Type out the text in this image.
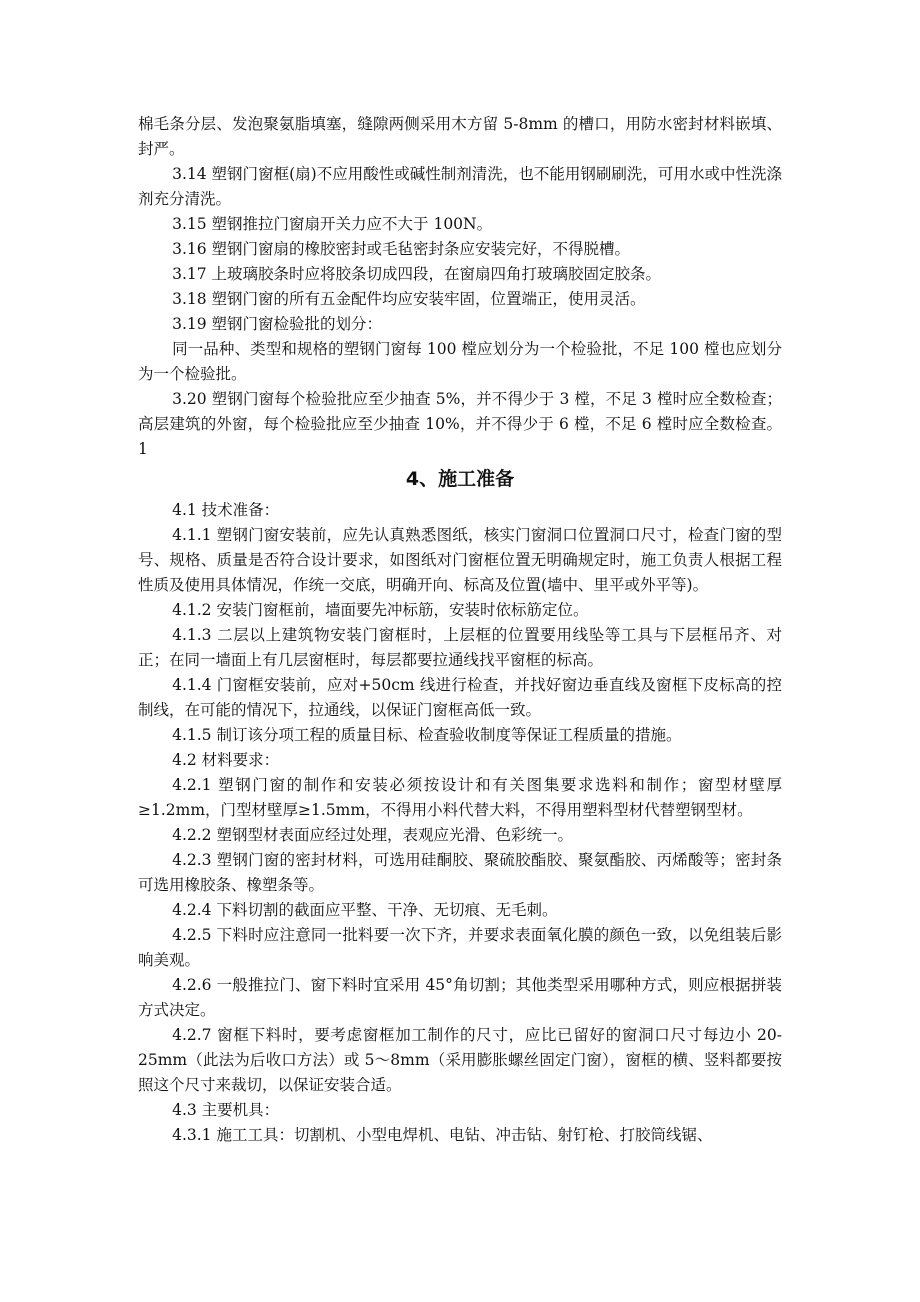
棉毛条分层、发泡聚氨脂填塞，缝隙两侧采用木方留 5-8mm 的槽口，用防水密封材料嵌填、封严。

3.14 塑钢门窗框(扇)不应用酸性或碱性制剂清洗，也不能用钢刷刷洗，可用水或中性洗涤剂充分清洗。

3.15 塑钢推拉门窗扇开关力应不大于 100N。

3.16 塑钢门窗扇的橡胶密封或毛毡密封条应安装完好，不得脱槽。

3.17 上玻璃胶条时应将胶条切成四段，在窗扇四角打玻璃胶固定胶条。

3.18 塑钢门窗的所有五金配件均应安装牢固，位置端正，使用灵活。

3.19 塑钢门窗检验批的划分：

同一品种、类型和规格的塑钢门窗每 100 樘应划分为一个检验批，不足 100 樘也应划分为一个检验批。

3.20 塑钢门窗每个检验批应至少抽查 5%，并不得少于 3 樘，不足 3 樘时应全数检查；高层建筑的外窗，每个检验批应至少抽查 10%，并不得少于 6 樘，不足 6 樘时应全数检查。1

4、施工准备

4.1 技术准备：

4.1.1 塑钢门窗安装前，应先认真熟悉图纸，核实门窗洞口位置洞口尺寸，检查门窗的型号、规格、质量是否符合设计要求，如图纸对门窗框位置无明确规定时，施工负责人根据工程性质及使用具体情况，作统一交底，明确开向、标高及位置(墙中、里平或外平等)。

4.1.2 安装门窗框前，墙面要先冲标筋，安装时依标筋定位。

4.1.3 二层以上建筑物安装门窗框时，上层框的位置要用线坠等工具与下层框吊齐、对正；在同一墙面上有几层窗框时，每层都要拉通线找平窗框的标高。

4.1.4 门窗框安装前，应对+50cm 线进行检查，并找好窗边垂直线及窗框下皮标高的控制线，在可能的情况下，拉通线，以保证门窗框高低一致。

4.1.5 制订该分项工程的质量目标、检查验收制度等保证工程质量的措施。

4.2 材料要求：

4.2.1 塑钢门窗的制作和安装必须按设计和有关图集要求选料和制作；窗型材壁厚≥1.2mm，门型材壁厚≥1.5mm，不得用小料代替大料，不得用塑料型材代替塑钢型材。

4.2.2 塑钢型材表面应经过处理，表观应光滑、色彩统一。

4.2.3 塑钢门窗的密封材料，可选用硅酮胶、聚硫胶酯胶、聚氨酯胶、丙烯酸等；密封条可选用橡胶条、橡塑条等。

4.2.4 下料切割的截面应平整、干净、无切痕、无毛刺。

4.2.5 下料时应注意同一批料要一次下齐，并要求表面氧化膜的颜色一致，以免组装后影响美观。

4.2.6 一般推拉门、窗下料时宜采用 45°角切割；其他类型采用哪种方式，则应根据拼装方式决定。

4.2.7 窗框下料时，要考虑窗框加工制作的尺寸，应比已留好的窗洞口尺寸每边小 20-25mm（此法为后收口方法）或 5～8mm（采用膨胀螺丝固定门窗），窗框的横、竖料都要按照这个尺寸来裁切，以保证安装合适。

4.3 主要机具：

4.3.1 施工工具：切割机、小型电焊机、电钻、冲击钻、射钉枪、打胶筒线锯、
